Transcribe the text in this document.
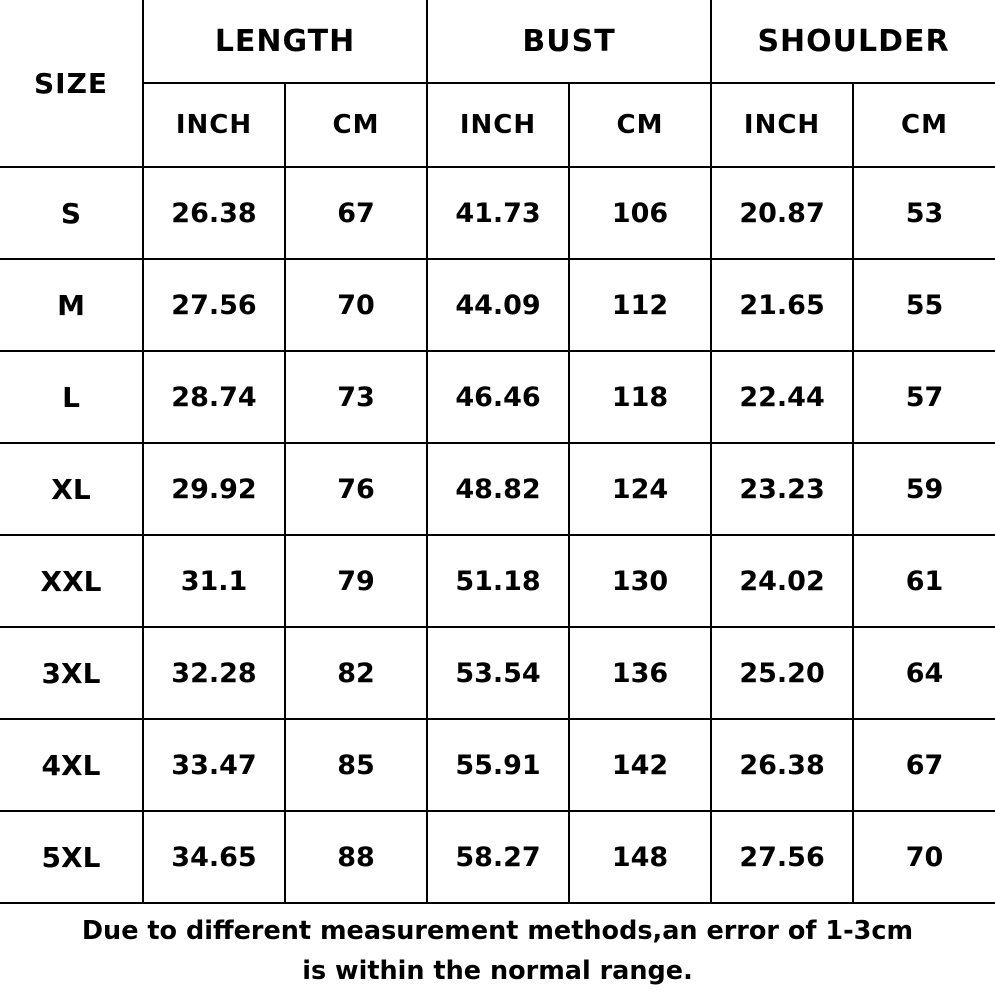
SIZE	LENGTH		BUST		SHOULDER	
	INCH	CM	INCH	CM	INCH	CM
S	26.38	67	41.73	106	20.87	53
M	27.56	70	44.09	112	21.65	55
L	28.74	73	46.46	118	22.44	57
XL	29.92	76	48.82	124	23.23	59
XXL	31.1	79	51.18	130	24.02	61
3XL	32.28	82	53.54	136	25.20	64
4XL	33.47	85	55.91	142	26.38	67
5XL	34.65	88	58.27	148	27.56	70
Due to different measurement methods,an error of 1-3cm
is within the normal range.
